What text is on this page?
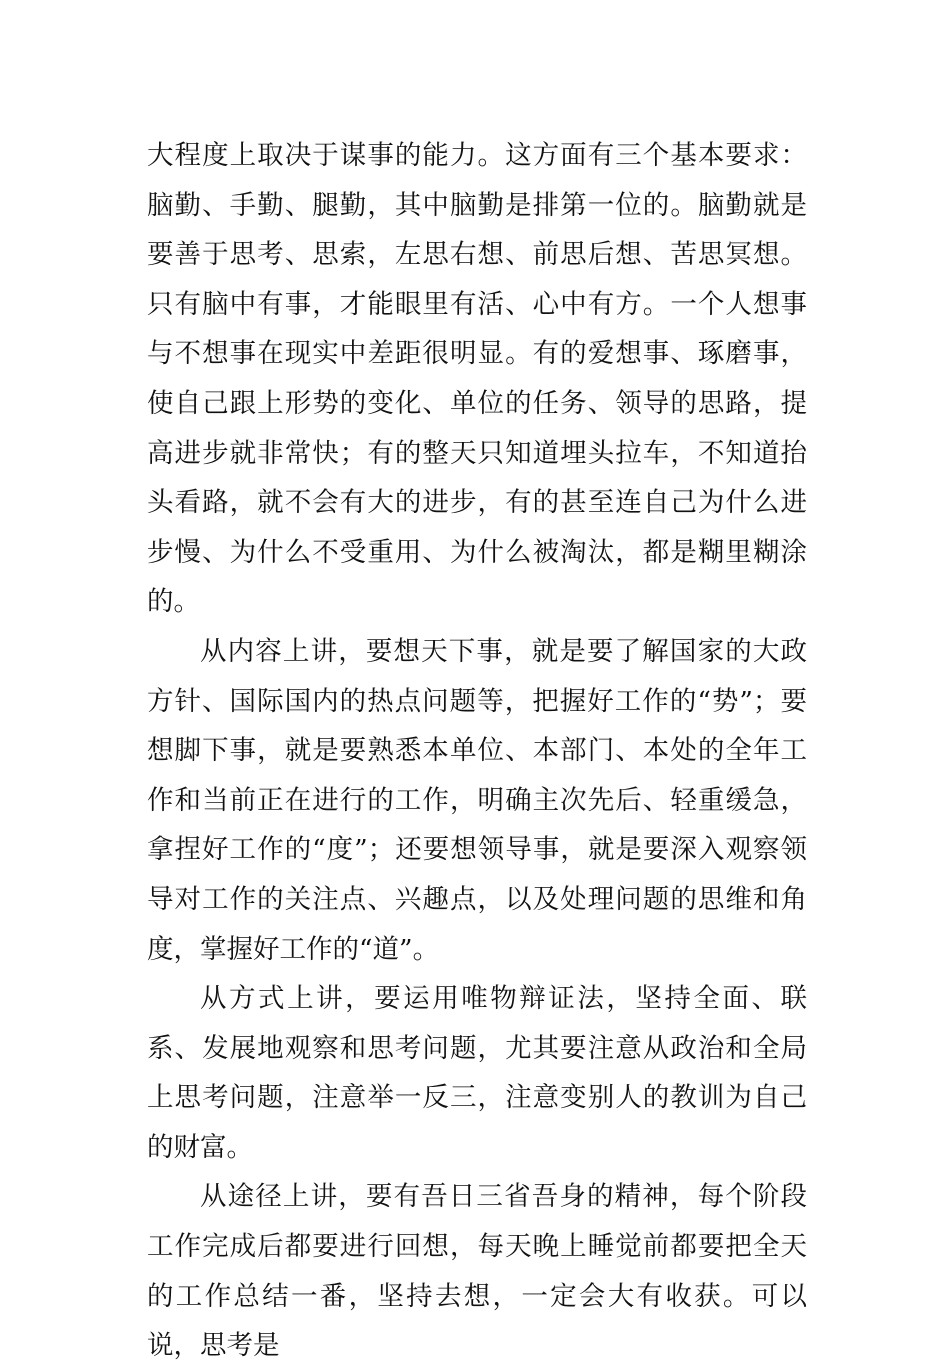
大程度上取决于谋事的能力。这方面有三个基本要求：脑勤、手勤、腿勤，其中脑勤是排第一位的。脑勤就是要善于思考、思索，左思右想、前思后想、苦思冥想。只有脑中有事，才能眼里有活、心中有方。一个人想事与不想事在现实中差距很明显。有的爱想事、琢磨事，使自己跟上形势的变化、单位的任务、领导的思路，提高进步就非常快；有的整天只知道埋头拉车，不知道抬头看路，就不会有大的进步，有的甚至连自己为什么进步慢、为什么不受重用、为什么被淘汰，都是糊里糊涂的。

从内容上讲，要想天下事，就是要了解国家的大政方针、国际国内的热点问题等，把握好工作的“势”；要想脚下事，就是要熟悉本单位、本部门、本处的全年工作和当前正在进行的工作，明确主次先后、轻重缓急，拿捏好工作的“度”；还要想领导事，就是要深入观察领导对工作的关注点、兴趣点，以及处理问题的思维和角度，掌握好工作的“道”。

从方式上讲，要运用唯物辩证法，坚持全面、联系、发展地观察和思考问题，尤其要注意从政治和全局上思考问题，注意举一反三，注意变别人的教训为自己的财富。

从途径上讲，要有吾日三省吾身的精神，每个阶段工作完成后都要进行回想，每天晚上睡觉前都要把全天的工作总结一番，坚持去想，一定会大有收获。可以说，思考是
